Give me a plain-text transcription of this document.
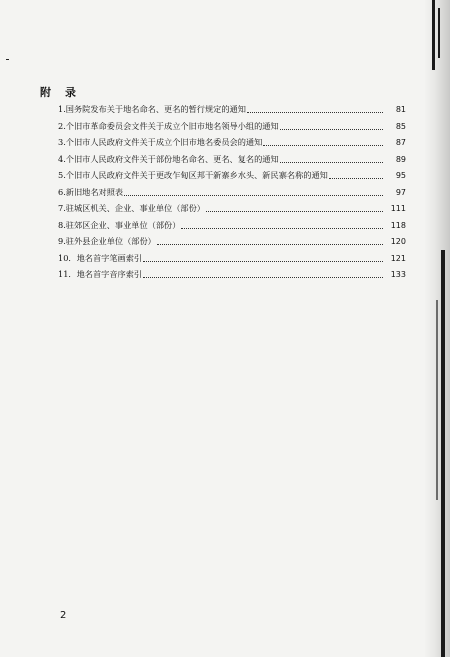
附录
1.国务院发布关于地名命名、更名的暂行规定的通知	81
2.个旧市革命委员会文件关于成立个旧市地名领导小组的通知	85
3.个旧市人民政府文件关于成立个旧市地名委员会的通知	87
4.个旧市人民政府文件关于部份地名命名、更名、复名的通知	89
5.个旧市人民政府文件关于更改乍甸区邦干新寨乡水头、新民寨名称的通知	95
6.新旧地名对照表	97
7.驻城区机关、企业、事业单位（部份）	111
8.驻郊区企业、事业单位（部份）	118
9.驻外县企业单位（部份）	120
10．地名首字笔画索引	121
11．地名首字音序索引	133
2
